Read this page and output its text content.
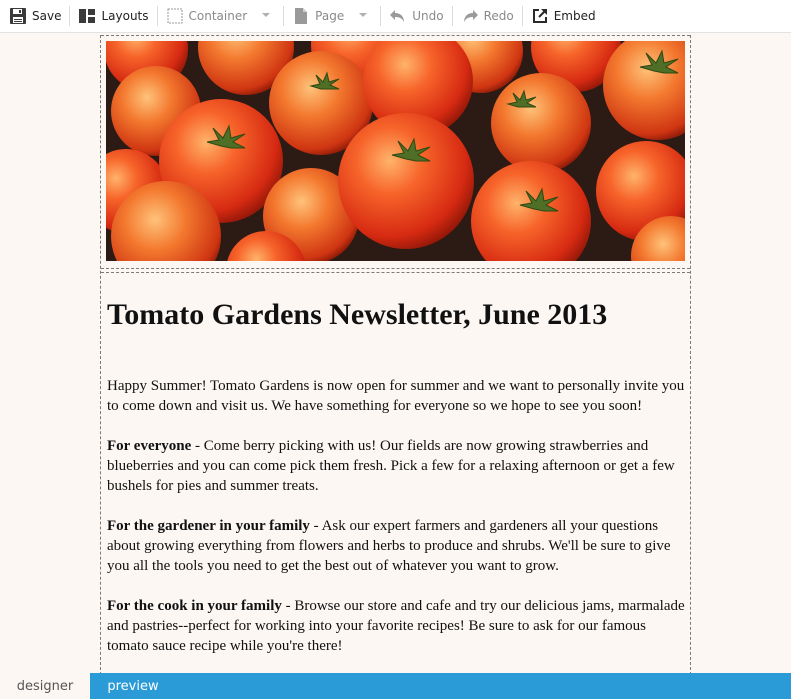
Save	Layouts	Container	Page	Undo	Redo	Embed
Tomato Gardens Newsletter, June 2013

Happy Summer! Tomato Gardens is now open for summer and we want to personally invite you to come down and visit us. We have something for everyone so we hope to see you soon!

For everyone - Come berry picking with us! Our fields are now growing strawberries and blueberries and you can come pick them fresh. Pick a few for a relaxing afternoon or get a few bushels for pies and summer treats.

For the gardener in your family - Ask our expert farmers and gardeners all your questions about growing everything from flowers and herbs to produce and shrubs. We'll be sure to give you all the tools you need to get the best out of whatever you want to grow.

For the cook in your family - Browse our store and cafe and try our delicious jams, marmalade and pastries--perfect for working into your favorite recipes! Be sure to ask for our famous tomato sauce recipe while you're there!

designer	preview
